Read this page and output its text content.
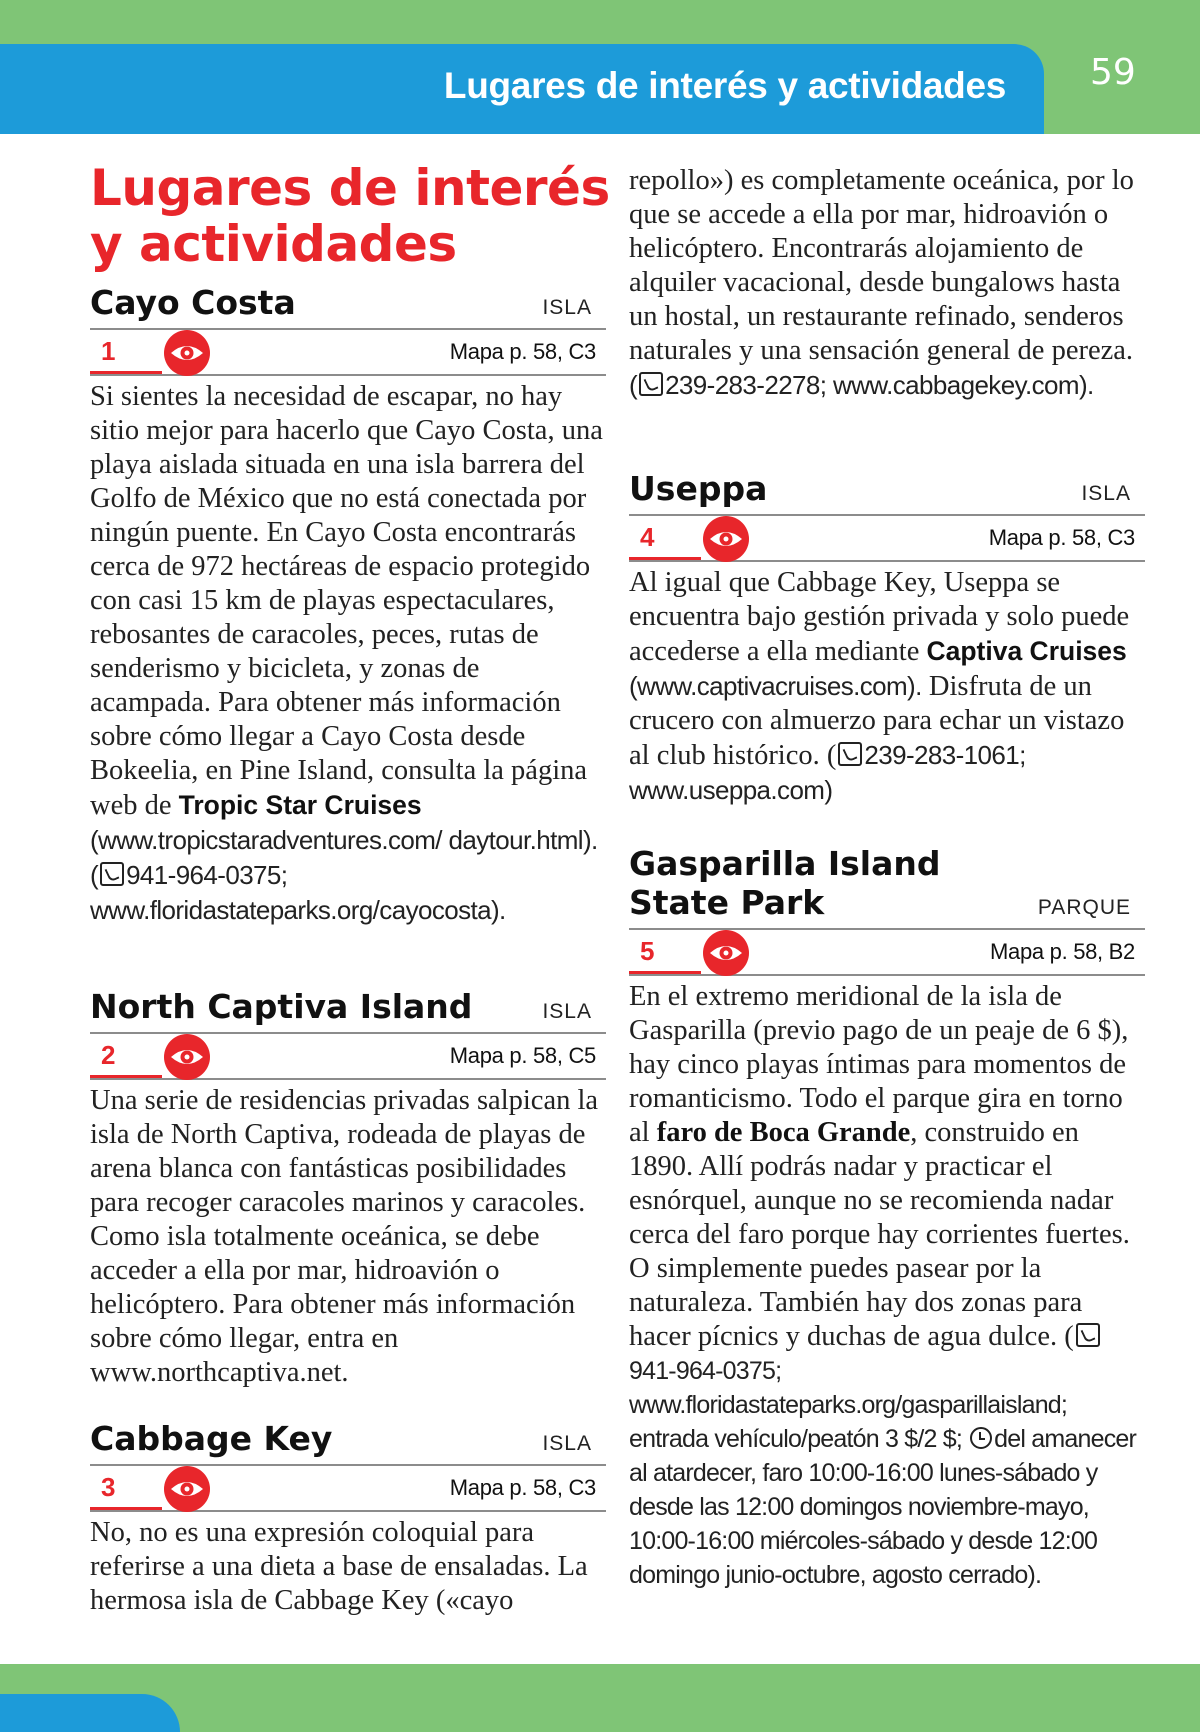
Lugares de interés y actividades 59
Lugares de interés
y actividades
Cayo Costa	ISLA
1	Mapa p. 58, C3

Si sientes la necesidad de escapar, no hay sitio mejor para hacerlo que Cayo Costa, una playa aislada situada en una isla barrera del Golfo de México que no está conectada por ningún puente. En Cayo Costa encontrarás cerca de 972 hectáreas de espacio protegido con casi 15 km de playas espectaculares, rebosantes de caracoles, peces, rutas de senderismo y bicicleta, y zonas de acampada. Para obtener más información sobre cómo llegar a Cayo Costa desde Bokeelia, en Pine Island, consulta la página web de Tropic Star Cruises (www.tropicstaradventures.com/ daytour.html). ( 941-964-0375; www.floridastateparks.org/cayocosta).

North Captiva Island	ISLA
2	Mapa p. 58, C5

Una serie de residencias privadas salpican la isla de North Captiva, rodeada de playas de arena blanca con fantásticas posibilidades para recoger caracoles marinos y caracoles. Como isla totalmente oceánica, se debe acceder a ella por mar, hidroavión o helicóptero. Para obtener más información sobre cómo llegar, entra en www.northcaptiva.net.

Cabbage Key	ISLA
3	Mapa p. 58, C3

No, no es una expresión coloquial para referirse a una dieta a base de ensaladas. La hermosa isla de Cabbage Key («cayo

repollo») es completamente oceánica, por lo que se accede a ella por mar, hidroavión o helicóptero. Encontrarás alojamiento de alquiler vacacional, desde bungalows hasta un hostal, un restaurante refinado, senderos naturales y una sensación general de pereza.
( 239-283-2278; www.cabbagekey.com).

Useppa	ISLA
4	Mapa p. 58, C3

Al igual que Cabbage Key, Useppa se encuentra bajo gestión privada y solo puede accederse a ella mediante Captiva Cruises (www.captivacruises.com). Disfruta de un crucero con almuerzo para echar un vistazo al club histórico. ( 239-283-1061; www.useppa.com)

Gasparilla Island
State Park	PARQUE
5	Mapa p. 58, B2

En el extremo meridional de la isla de Gasparilla (previo pago de un peaje de 6 $), hay cinco playas íntimas para momentos de romanticismo. Todo el parque gira en torno al faro de Boca Grande, construido en 1890. Allí podrás nadar y practicar el esnórquel, aunque no se recomienda nadar cerca del faro porque hay corrientes fuertes. O simplemente puedes pasear por la naturaleza. También hay dos zonas para hacer pícnics y duchas de agua dulce. (941-964-0375; www.floridastateparks.org/gasparillaisland; entrada vehículo/peatón 3 $/2 $; del amanecer al atardecer, faro 10:00-16:00 lunes-sábado y desde las 12:00 domingos noviembre-mayo, 10:00-16:00 miércoles-sábado y desde 12:00 domingo junio-octubre, agosto cerrado).
